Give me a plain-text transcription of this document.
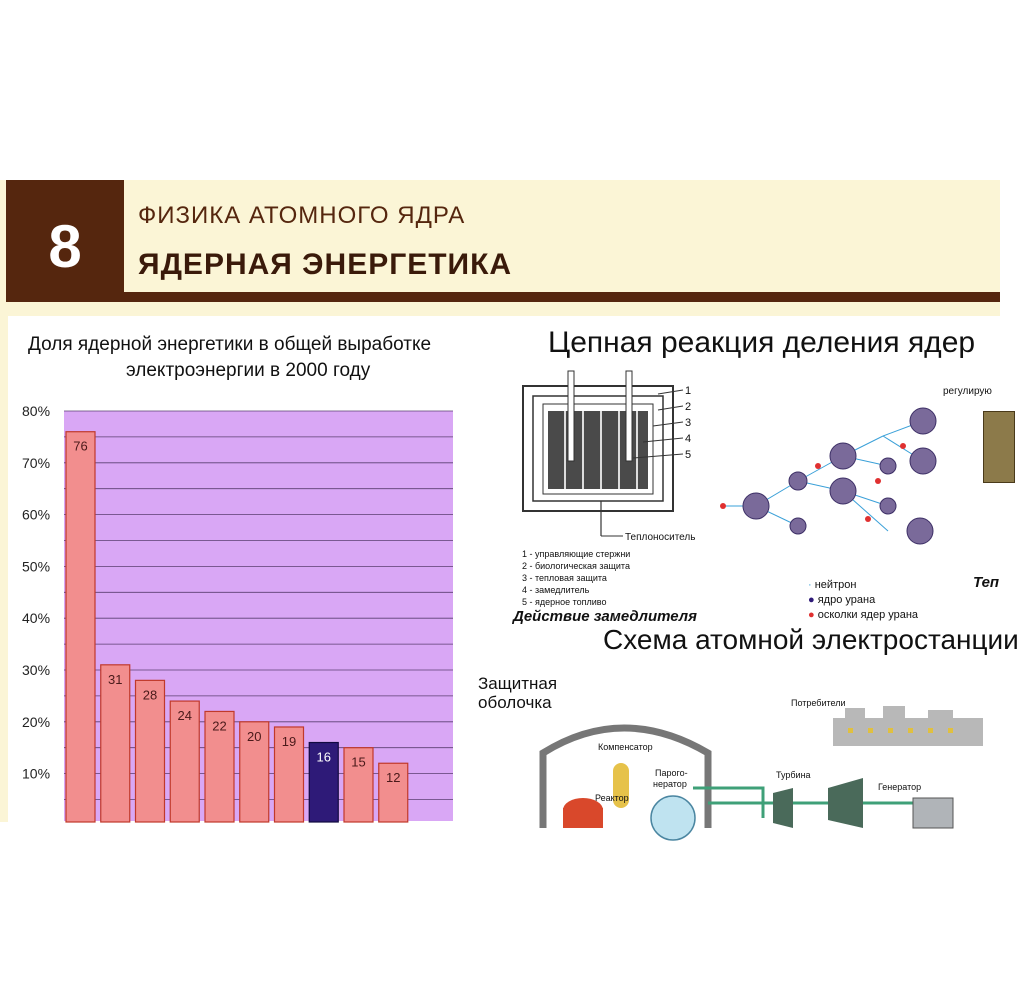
8	ФИЗИКА АТОМНОГО ЯДРА
ЯДЕРНАЯ ЭНЕРГЕТИКА
Доля ядерной энергетики в общей выработке
электроэнергии в 2000 году
80%
70%
60%
50%
40%
30%
20%
10%
76
31
28
24
22
20 19
16 15
12
Цепная реакция деления ядер
1
2
3
4
5
Теплоноситель
1 - управляющие стержни
2 - биологическая защита
3 - тепловая защита
4 - замедлитель
5 - ядерное топливо
Действие замедлителя
· нейтрон
● ядро урана
● осколки ядер урана
регулирую
Теп
Схема атомной электростанции
Защитная
оболочка
Компенсатор
Реактор
Парого-
нератор
Турбина
Генератор
Потребители
